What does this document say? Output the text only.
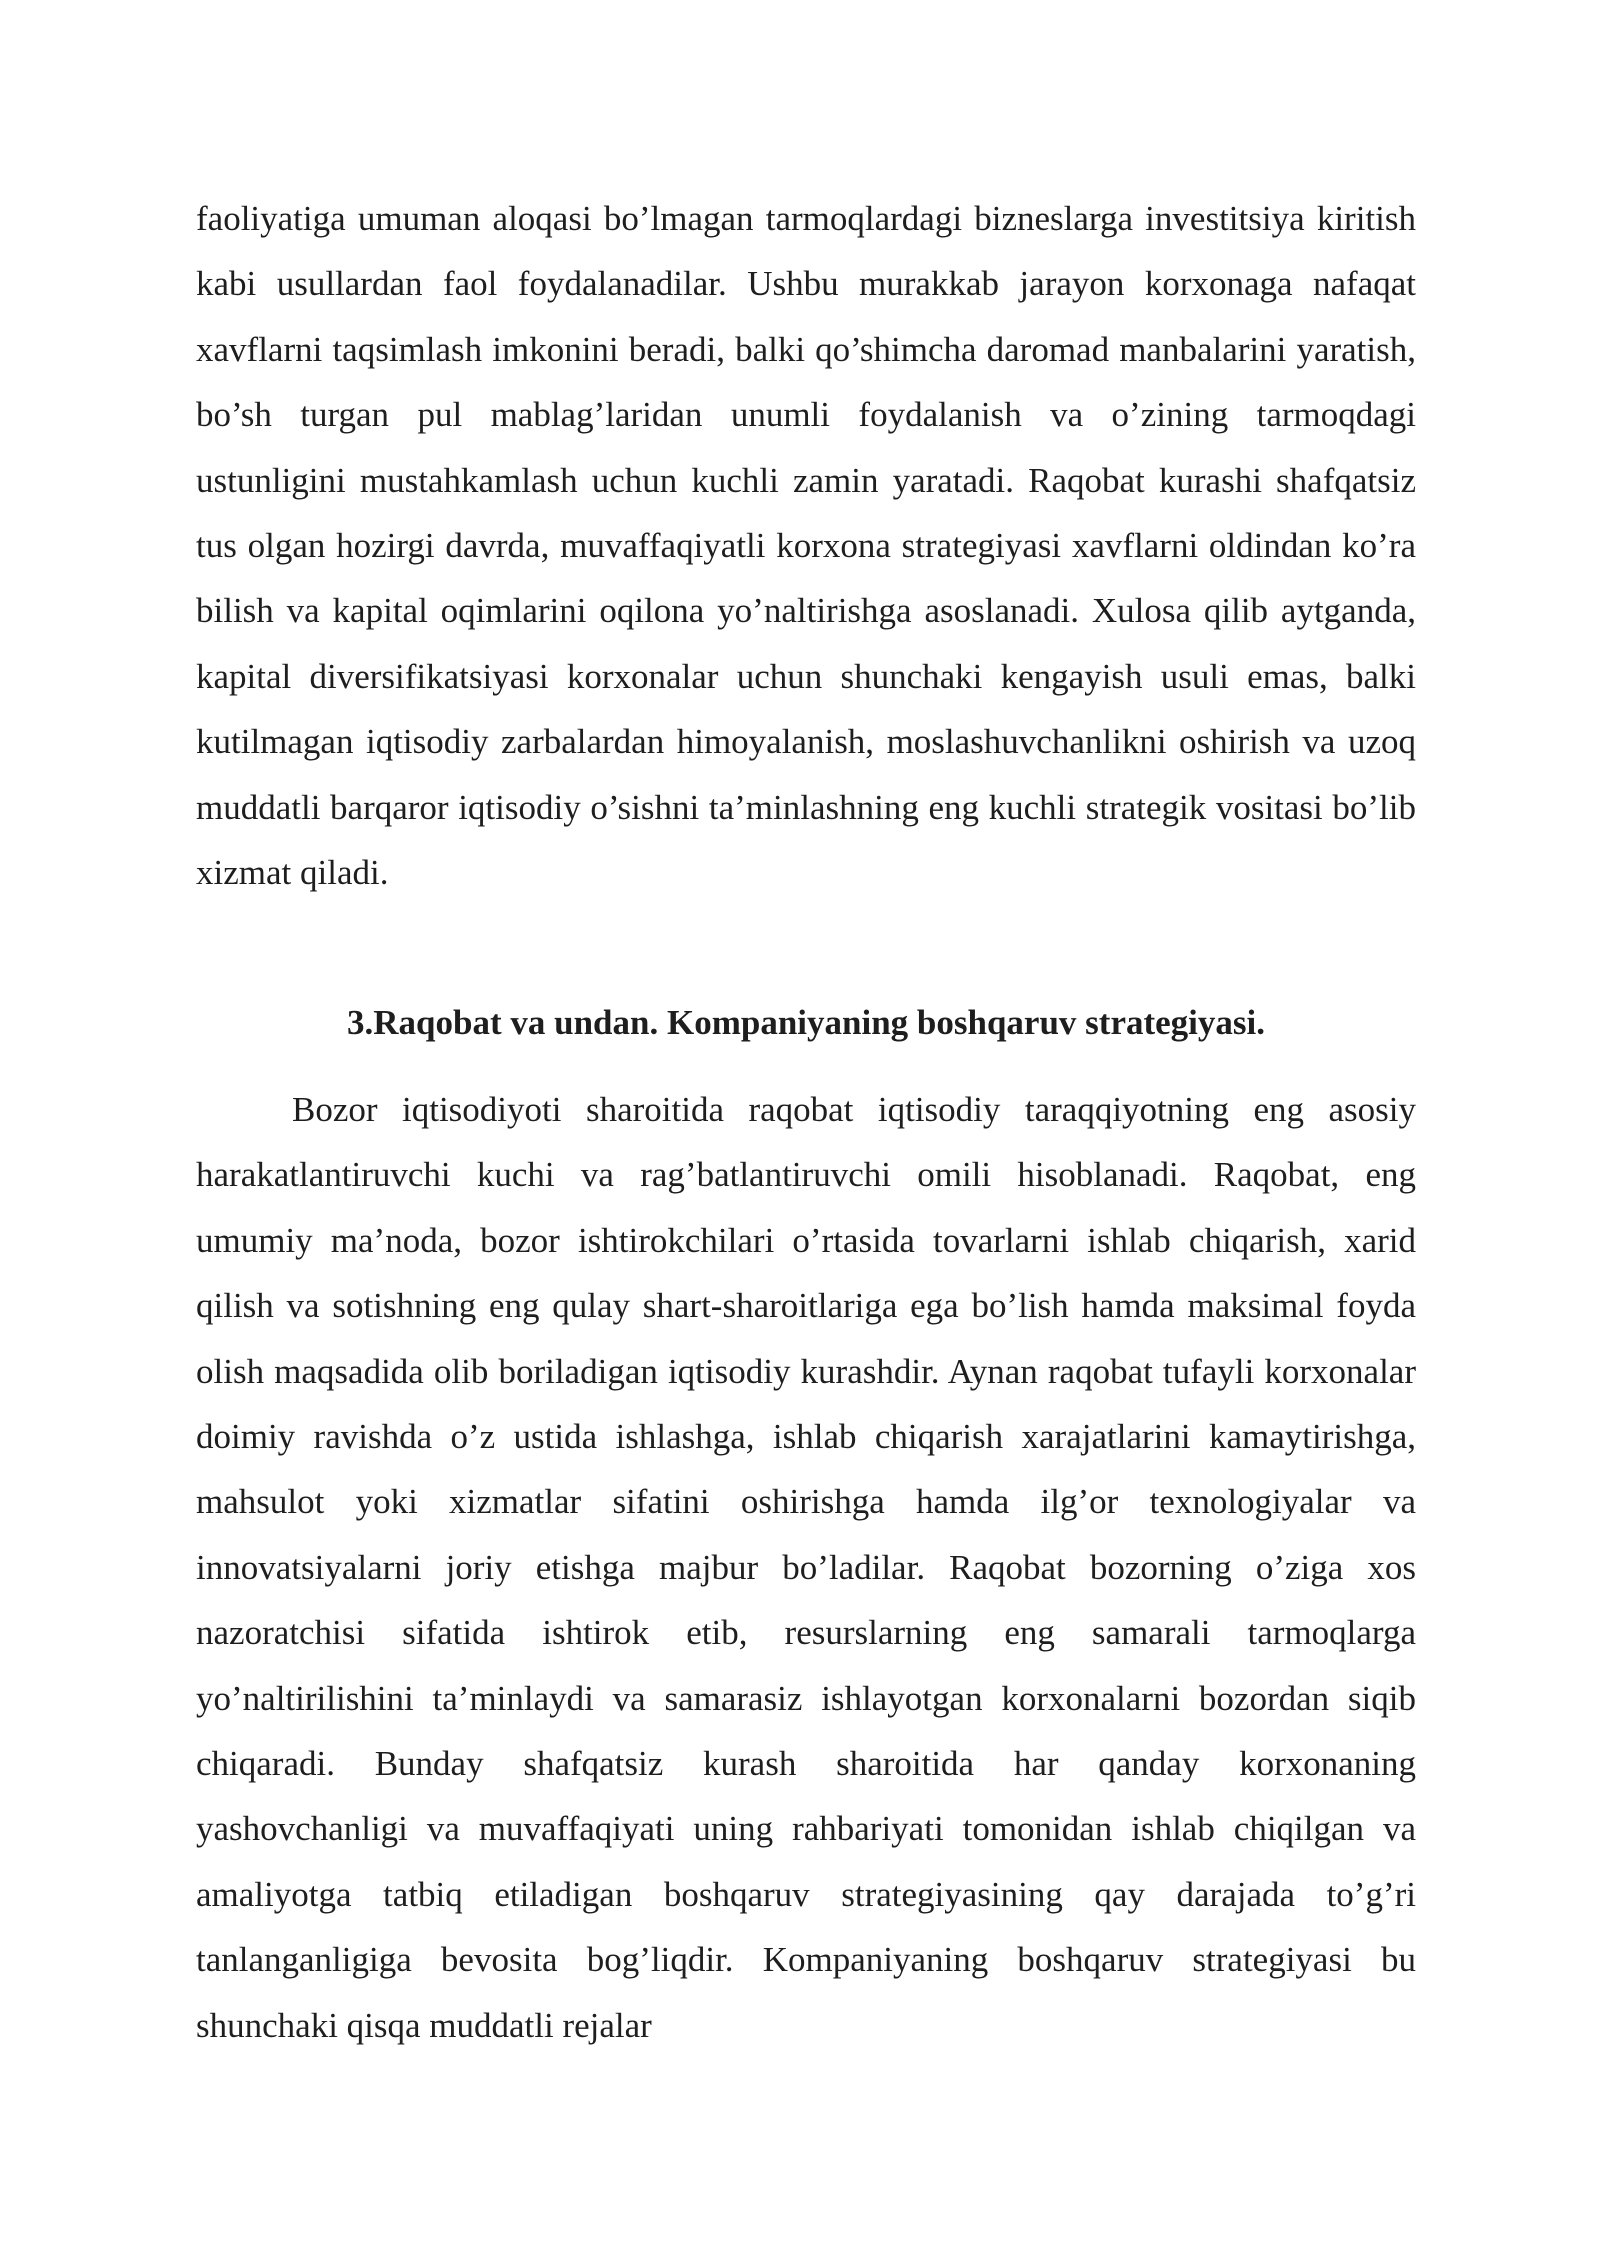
faoliyatiga umuman aloqasi bo’lmagan tarmoqlardagi bizneslarga investitsiya kiritish kabi usullardan faol foydalanadilar. Ushbu murakkab jarayon korxonaga nafaqat xavflarni taqsimlash imkonini beradi, balki qo’shimcha daromad manbalarini yaratish, bo’sh turgan pul mablag’laridan unumli foydalanish va o’zining tarmoqdagi ustunligini mustahkamlash uchun kuchli zamin yaratadi. Raqobat kurashi shafqatsiz tus olgan hozirgi davrda, muvaffaqiyatli korxona strategiyasi xavflarni oldindan ko’ra bilish va kapital oqimlarini oqilona yo’naltirishga asoslanadi. Xulosa qilib aytganda, kapital diversifikatsiyasi korxonalar uchun shunchaki kengayish usuli emas, balki kutilmagan iqtisodiy zarbalardan himoyalanish, moslashuvchanlikni oshirish va uzoq muddatli barqaror iqtisodiy o’sishni ta’minlashning eng kuchli strategik vositasi bo’lib xizmat qiladi.

3.Raqobat va undan. Kompaniyaning boshqaruv strategiyasi.

Bozor iqtisodiyoti sharoitida raqobat iqtisodiy taraqqiyotning eng asosiy harakatlantiruvchi kuchi va rag’batlantiruvchi omili hisoblanadi. Raqobat, eng umumiy ma’noda, bozor ishtirokchilari o’rtasida tovarlarni ishlab chiqarish, xarid qilish va sotishning eng qulay shart-sharoitlariga ega bo’lish hamda maksimal foyda olish maqsadida olib boriladigan iqtisodiy kurashdir. Aynan raqobat tufayli korxonalar doimiy ravishda o’z ustida ishlashga, ishlab chiqarish xarajatlarini kamaytirishga, mahsulot yoki xizmatlar sifatini oshirishga hamda ilg’or texnologiyalar va innovatsiyalarni joriy etishga majbur bo’ladilar. Raqobat bozorning o’ziga xos nazoratchisi sifatida ishtirok etib, resurslarning eng samarali tarmoqlarga yo’naltirilishini ta’minlaydi va samarasiz ishlayotgan korxonalarni bozordan siqib chiqaradi. Bunday shafqatsiz kurash sharoitida har qanday korxonaning yashovchanligi va muvaffaqiyati uning rahbariyati tomonidan ishlab chiqilgan va amaliyotga tatbiq etiladigan boshqaruv strategiyasining qay darajada to’g’ri tanlanganligiga bevosita bog’liqdir. Kompaniyaning boshqaruv strategiyasi bu shunchaki qisqa muddatli rejalar
